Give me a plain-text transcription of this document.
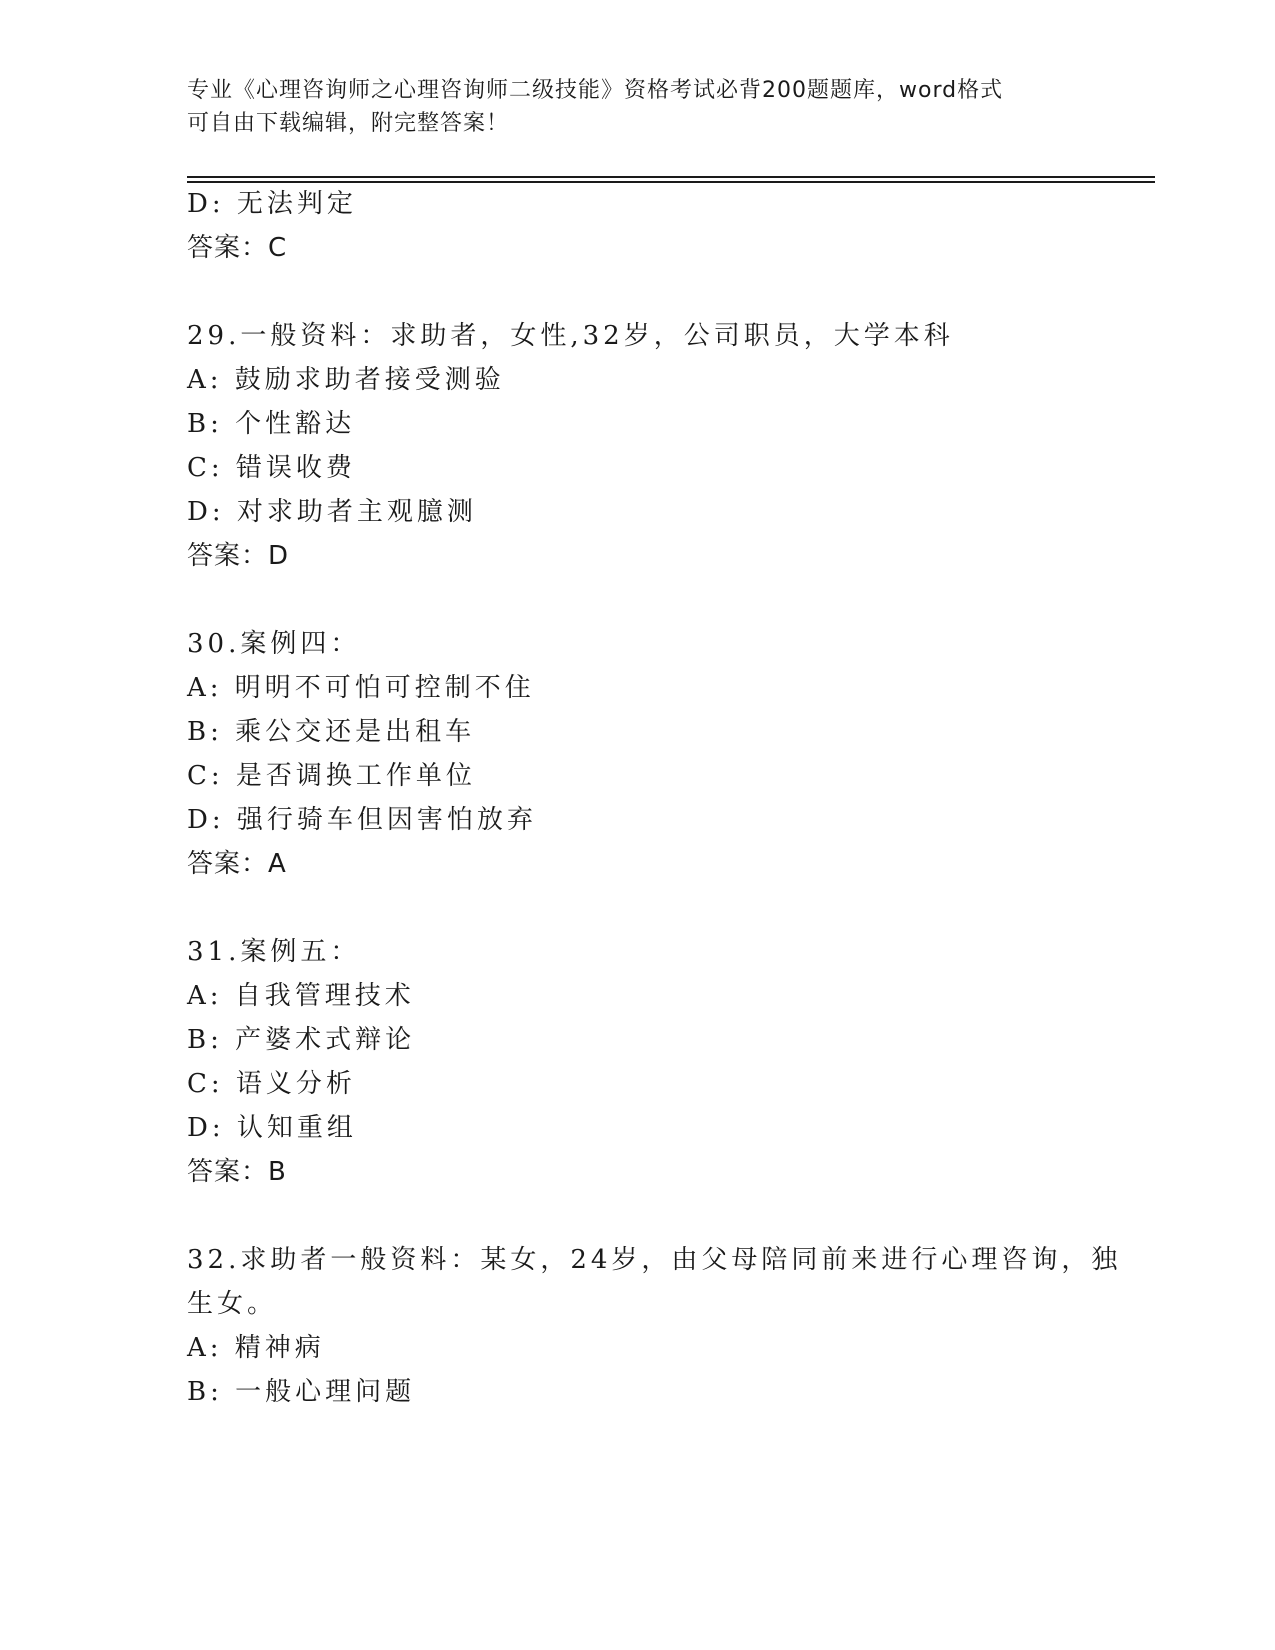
专业《心理咨询师之心理咨询师二级技能》资格考试必背200题题库，word格式
可自由下载编辑，附完整答案！
D: 无法判定
答案：C
29.一般资料：求助者，女性,32岁，公司职员，大学本科
A: 鼓励求助者接受测验
B: 个性豁达
C: 错误收费
D: 对求助者主观臆测
答案：D
30.案例四：
A: 明明不可怕可控制不住
B: 乘公交还是出租车
C: 是否调换工作单位
D: 强行骑车但因害怕放弃
答案：A
31.案例五：
A: 自我管理技术
B: 产婆术式辩论
C: 语义分析
D: 认知重组
答案：B
32.求助者一般资料：某女，24岁，由父母陪同前来进行心理咨询，独
生女。
A: 精神病
B: 一般心理问题
